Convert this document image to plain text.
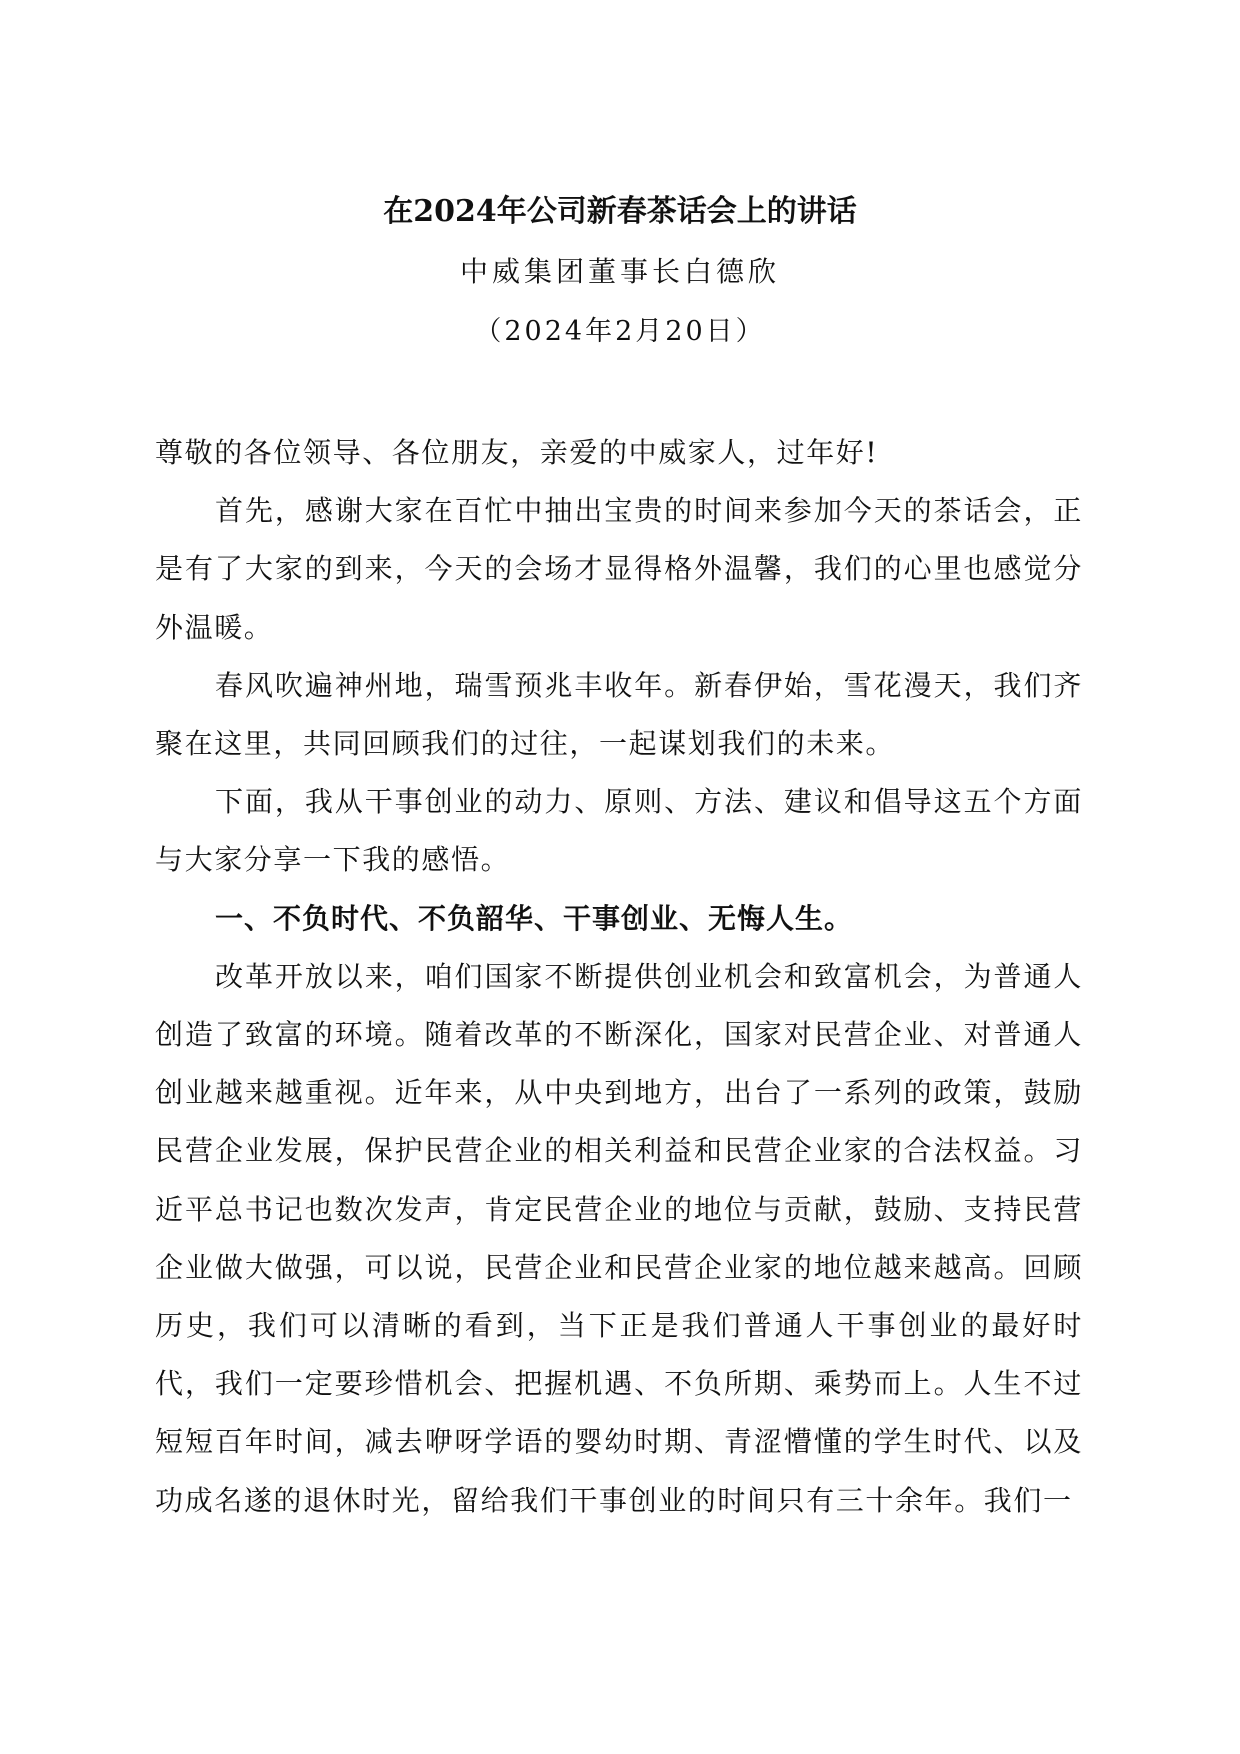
在2024年公司新春茶话会上的讲话
中威集团董事长白德欣
（2024年2月20日）

尊敬的各位领导、各位朋友，亲爱的中威家人，过年好!

首先，感谢大家在百忙中抽出宝贵的时间来参加今天的茶话会，正是有了大家的到来，今天的会场才显得格外温馨，我们的心里也感觉分外温暖。

春风吹遍神州地，瑞雪预兆丰收年。新春伊始，雪花漫天，我们齐聚在这里，共同回顾我们的过往，一起谋划我们的未来。

下面，我从干事创业的动力、原则、方法、建议和倡导这五个方面与大家分享一下我的感悟。

一、不负时代、不负韶华、干事创业、无悔人生。

改革开放以来，咱们国家不断提供创业机会和致富机会，为普通人创造了致富的环境。随着改革的不断深化，国家对民营企业、对普通人创业越来越重视。近年来，从中央到地方，出台了一系列的政策，鼓励民营企业发展，保护民营企业的相关利益和民营企业家的合法权益。习近平总书记也数次发声，肯定民营企业的地位与贡献，鼓励、支持民营企业做大做强，可以说，民营企业和民营企业家的地位越来越高。回顾历史，我们可以清晰的看到，当下正是我们普通人干事创业的最好时代，我们一定要珍惜机会、把握机遇、不负所期、乘势而上。人生不过短短百年时间，减去咿呀学语的婴幼时期、青涩懵懂的学生时代、以及功成名遂的退休时光，留给我们干事创业的时间只有三十余年。我们一
